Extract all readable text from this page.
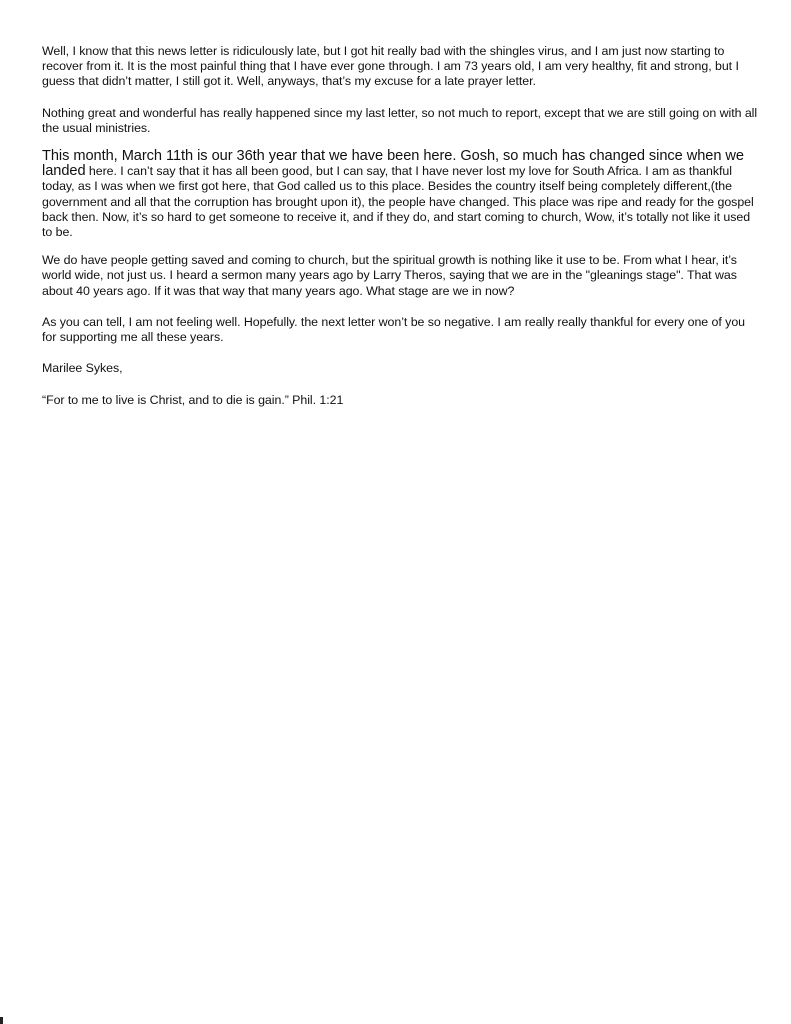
Well, I know that this news letter is ridiculously late, but I got hit really bad with the shingles virus, and I am just now starting to recover from it. It is the most painful thing that I have ever gone through. I am 73 years old, I am very healthy, fit and strong, but I guess that didn’t matter, I still got it. Well, anyways, that’s my excuse for a late prayer letter.

Nothing great and wonderful has really happened since my last letter, so not much to report, except that we are still going on with all the usual ministries.

This month, March 11th is our 36th year that we have been here. Gosh, so much has changed since when we landed here. I can’t say that it has all been good, but I can say, that I have never lost my love for South Africa. I am as thankful today, as I was when we first got here, that God called us to this place. Besides the country itself being completely different,(the government and all that the corruption has brought upon it), the people have changed. This place was ripe and ready for the gospel back then. Now, it’s so hard to get someone to receive it, and if they do, and start coming to church, Wow, it’s totally not like it used to be.

We do have people getting saved and coming to church, but the spiritual growth is nothing like it use to be. From what I hear, it’s world wide, not just us. I heard a sermon many years ago by Larry Theros, saying that we are in the "gleanings stage". That was about 40 years ago. If it was that way that many years ago. What stage are we in now?

As you can tell, I am not feeling well. Hopefully. the next letter won’t be so negative. I am really really thankful for every one of you for supporting me all these years.

Marilee Sykes,

“For to me to live is Christ, and to die is gain.” Phil. 1:21
